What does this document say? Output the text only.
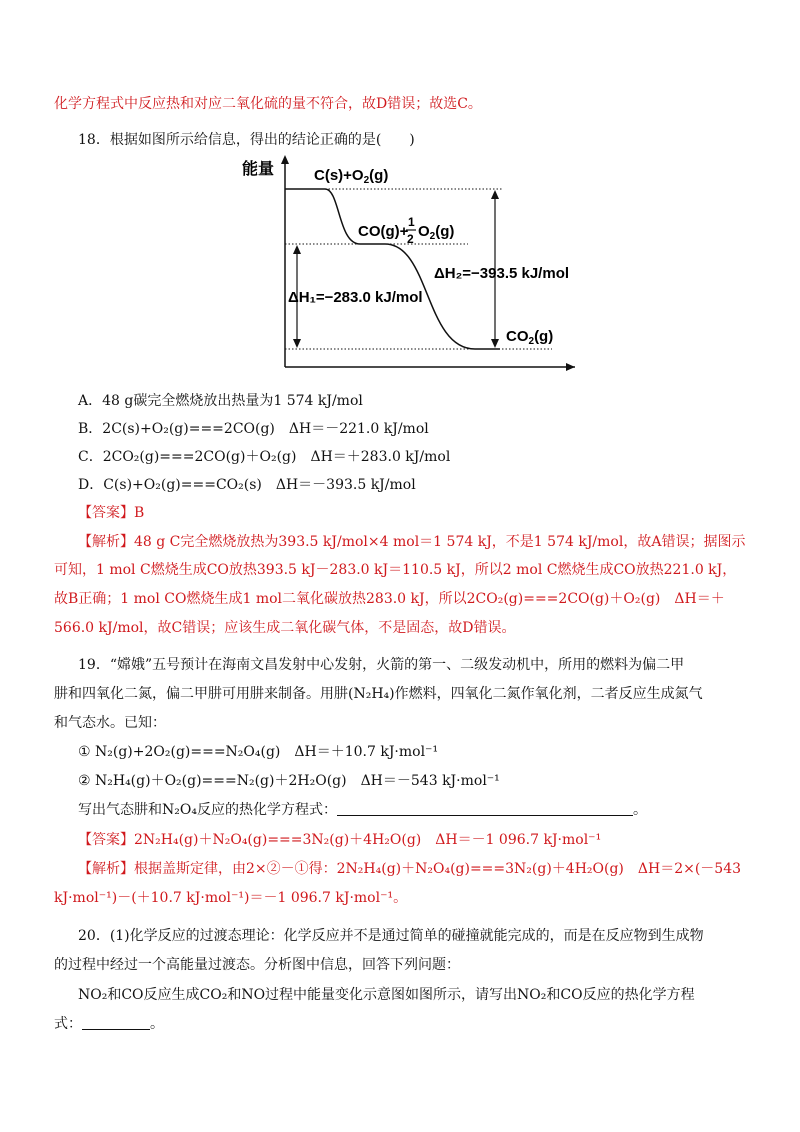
化学方程式中反应热和对应二氧化硫的量不符合，故D错误；故选C。
18．根据如图所示给信息，得出的结论正确的是(　　)
能量	$C(s)+O_2(g)$
CO(g)+
1
2 $O_2(g)$
ΔH₁=−283.0 kJ/mol
ΔH₂=−393.5 kJ/mol
$CO_2(g)$
A．48 g碳完全燃烧放出热量为1 574 kJ/mol
B．2C(s)+O₂(g)===2CO(g)　ΔH＝－221.0 kJ/mol
C．2CO₂(g)===2CO(g)＋O₂(g)　ΔH＝＋283.0 kJ/mol
D．C(s)+O₂(g)===CO₂(s)　ΔH＝－393.5 kJ/mol
【答案】B
【解析】48 g C完全燃烧放热为393.5 kJ/mol×4 mol＝1 574 kJ，不是1 574 kJ/mol，故A错误；据图示
可知，1 mol C燃烧生成CO放热393.5 kJ－283.0 kJ＝110.5 kJ，所以2 mol C燃烧生成CO放热221.0 kJ，
故B正确；1 mol CO燃烧生成1 mol二氧化碳放热283.0 kJ，所以2CO₂(g)===2CO(g)＋O₂(g)　ΔH＝＋
566.0 kJ/mol，故C错误；应该生成二氧化碳气体，不是固态，故D错误。
19．“嫦娥”五号预计在海南文昌发射中心发射，火箭的第一、二级发动机中，所用的燃料为偏二甲
肼和四氧化二氮，偏二甲肼可用肼来制备。用肼(N₂H₄)作燃料，四氧化二氮作氧化剂，二者反应生成氮气
和气态水。已知：
① N₂(g)+2O₂(g)===N₂O₄(g)　ΔH＝＋10.7 kJ·mol⁻¹
② N₂H₄(g)＋O₂(g)===N₂(g)＋2H₂O(g)　ΔH＝－543 kJ·mol⁻¹
写出气态肼和N₂O₄反应的热化学方程式：	。
【答案】2N₂H₄(g)＋N₂O₄(g)===3N₂(g)＋4H₂O(g)　ΔH＝－1 096.7 kJ·mol⁻¹
【解析】根据盖斯定律，由2×②－①得：2N₂H₄(g)＋N₂O₄(g)===3N₂(g)＋4H₂O(g)　ΔH＝2×(－543
kJ·mol⁻¹)－(＋10.7 kJ·mol⁻¹)＝－1 096.7 kJ·mol⁻¹。
20．(1)化学反应的过渡态理论：化学反应并不是通过简单的碰撞就能完成的，而是在反应物到生成物
的过程中经过一个高能量过渡态。分析图中信息，回答下列问题：
NO₂和CO反应生成CO₂和NO过程中能量变化示意图如图所示，请写出NO₂和CO反应的热化学方程
式：	。
